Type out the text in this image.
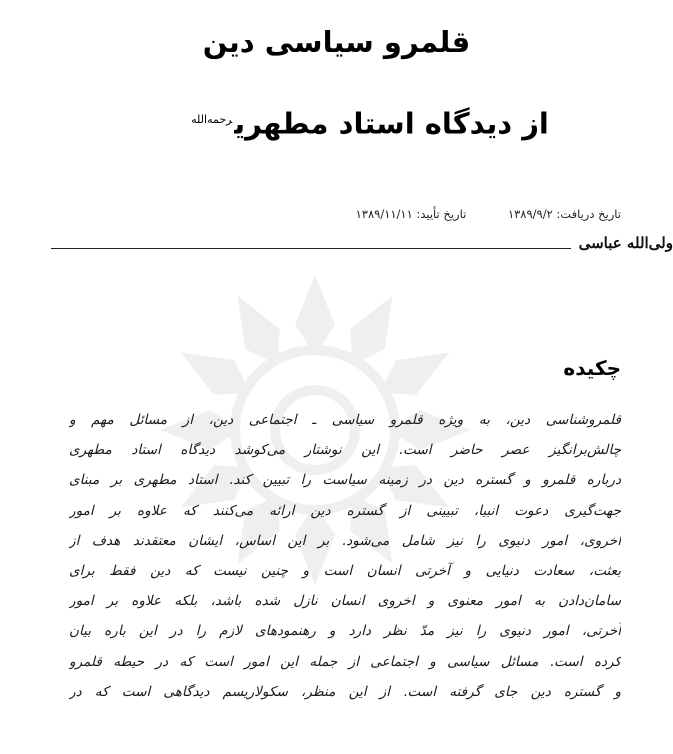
قلمرو سیاسی دین
از دیدگاه استاد مطهری$^{رحمه‌الله}$
تاریخ دریافت: ۱۳۸۹/۹/۲ تاریخ تأیید: ۱۳۸۹/۱۱/۱۱
ولی‌الله عباسی
چکیده
قلمروشناسی دین، به ویژه قلمرو سیاسی ـ اجتماعی دین، از مسائل مهم و
چالش‌برانگیز عصر حاضر است. این نوشتار می‌کوشد دیدگاه استاد مطهری
درباره قلمرو و گستره دین در زمینه سیاست را تبیین کند. استاد مطهری بر مبنای
جهت‌گیری دعوت انبیا، تبیینی از گستره دین ارائه می‌کنند که علاوه بر امور
اخروی، امور دنیوی را نیز شامل می‌شود. بر این اساس، ایشان معتقدند هدف از
بعثت، سعادت دنیایی و آخرتی انسان است و چنین نیست که دین فقط برای
سامان‌دادن به امور معنوی و اخروی انسان نازل شده باشد، بلکه علاوه بر امور
آخرتی، امور دنیوی را نیز مدّ نظر دارد و رهنمودهای لازم را در این باره بیان
کرده است. مسائل سیاسی و اجتماعی از جمله این امور است که در حیطه قلمرو
و گستره دین جای گرفته است. از این منظر، سکولاریسم دیدگاهی است که در
